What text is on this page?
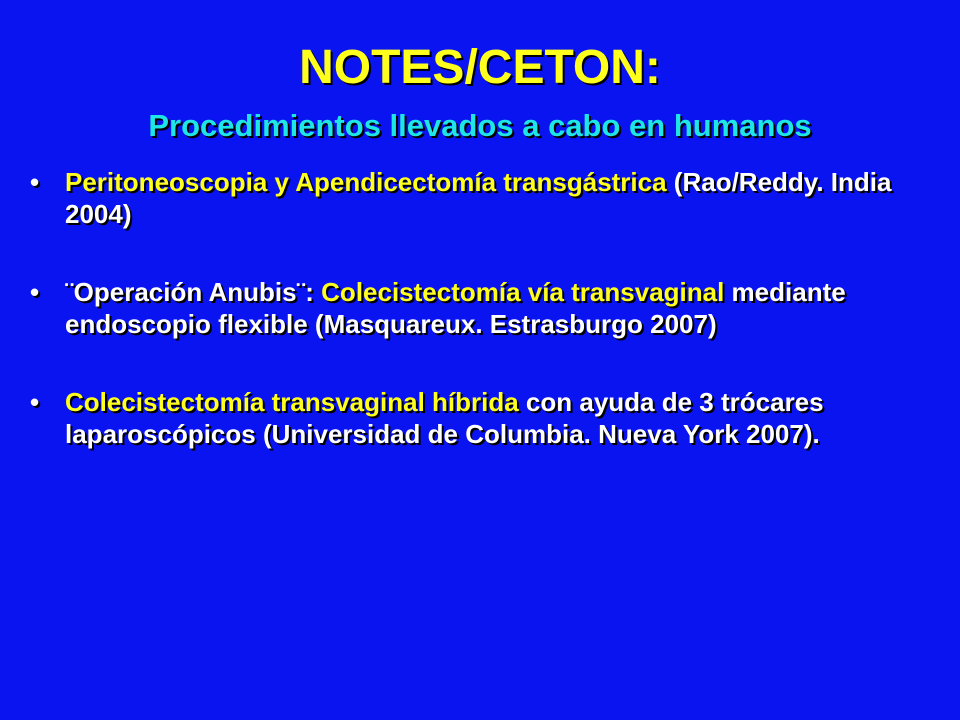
NOTES/CETON:
Procedimientos llevados a cabo en humanos
• Peritoneoscopia y Apendicectomía transgástrica (Rao/Reddy. India 2004)
• ¨Operación Anubis¨: Colecistectomía vía transvaginal mediante endoscopio flexible (Masquareux. Estrasburgo 2007)
• Colecistectomía transvaginal híbrida con ayuda de 3 trócares laparoscópicos (Universidad de Columbia. Nueva York 2007).
